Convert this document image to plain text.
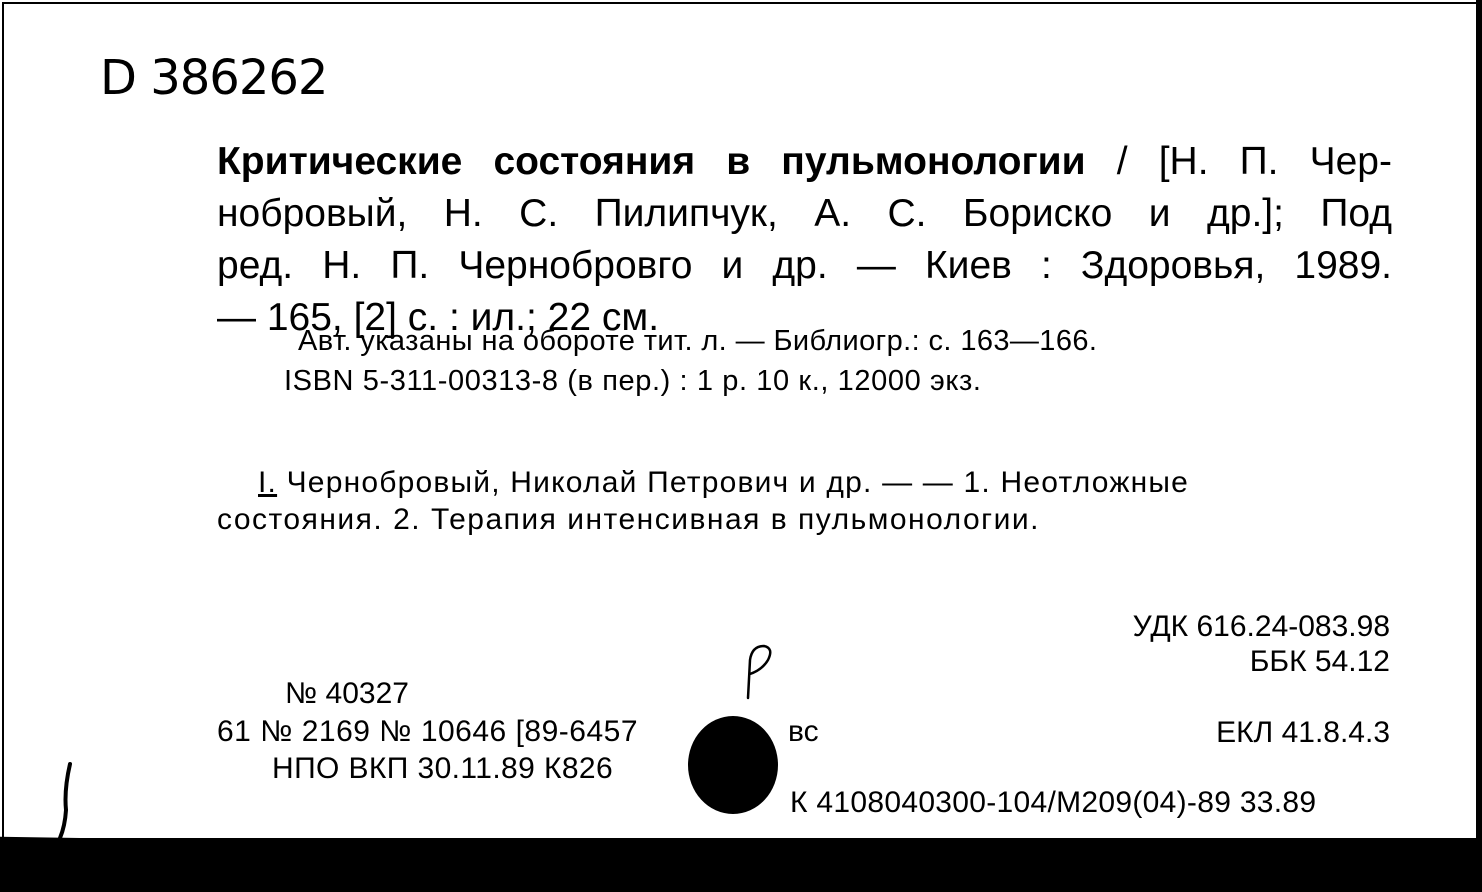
D 386262
Критические состояния в пульмонологии / [Н. П. Чер-
нобровый, Н. С. Пилипчук, А. С. Бориско и др.]; Под
ред. Н. П. Чернобровго и др. — Киев : Здоровья, 1989.
— 165, [2] с. : ил.; 22 см.
Авт. указаны на обороте тит. л. — Библиогр.: с. 163—166.
ISBN 5-311-00313-8 (в пер.) : 1 р. 10 к., 12000 экз.
I. Чернобровый, Николай Петрович и др. — — 1. Неотложные
состояния. 2. Терапия интенсивная в пульмонологии.
УДК 616.24-083.98
ББК 54.12
ЕКЛ 41.8.4.3
№ 40327
61 № 2169 № 10646 [89-6457	вс
НПО ВКП 30.11.89 К826
К 4108040300-104/М209(04)-89 33.89
